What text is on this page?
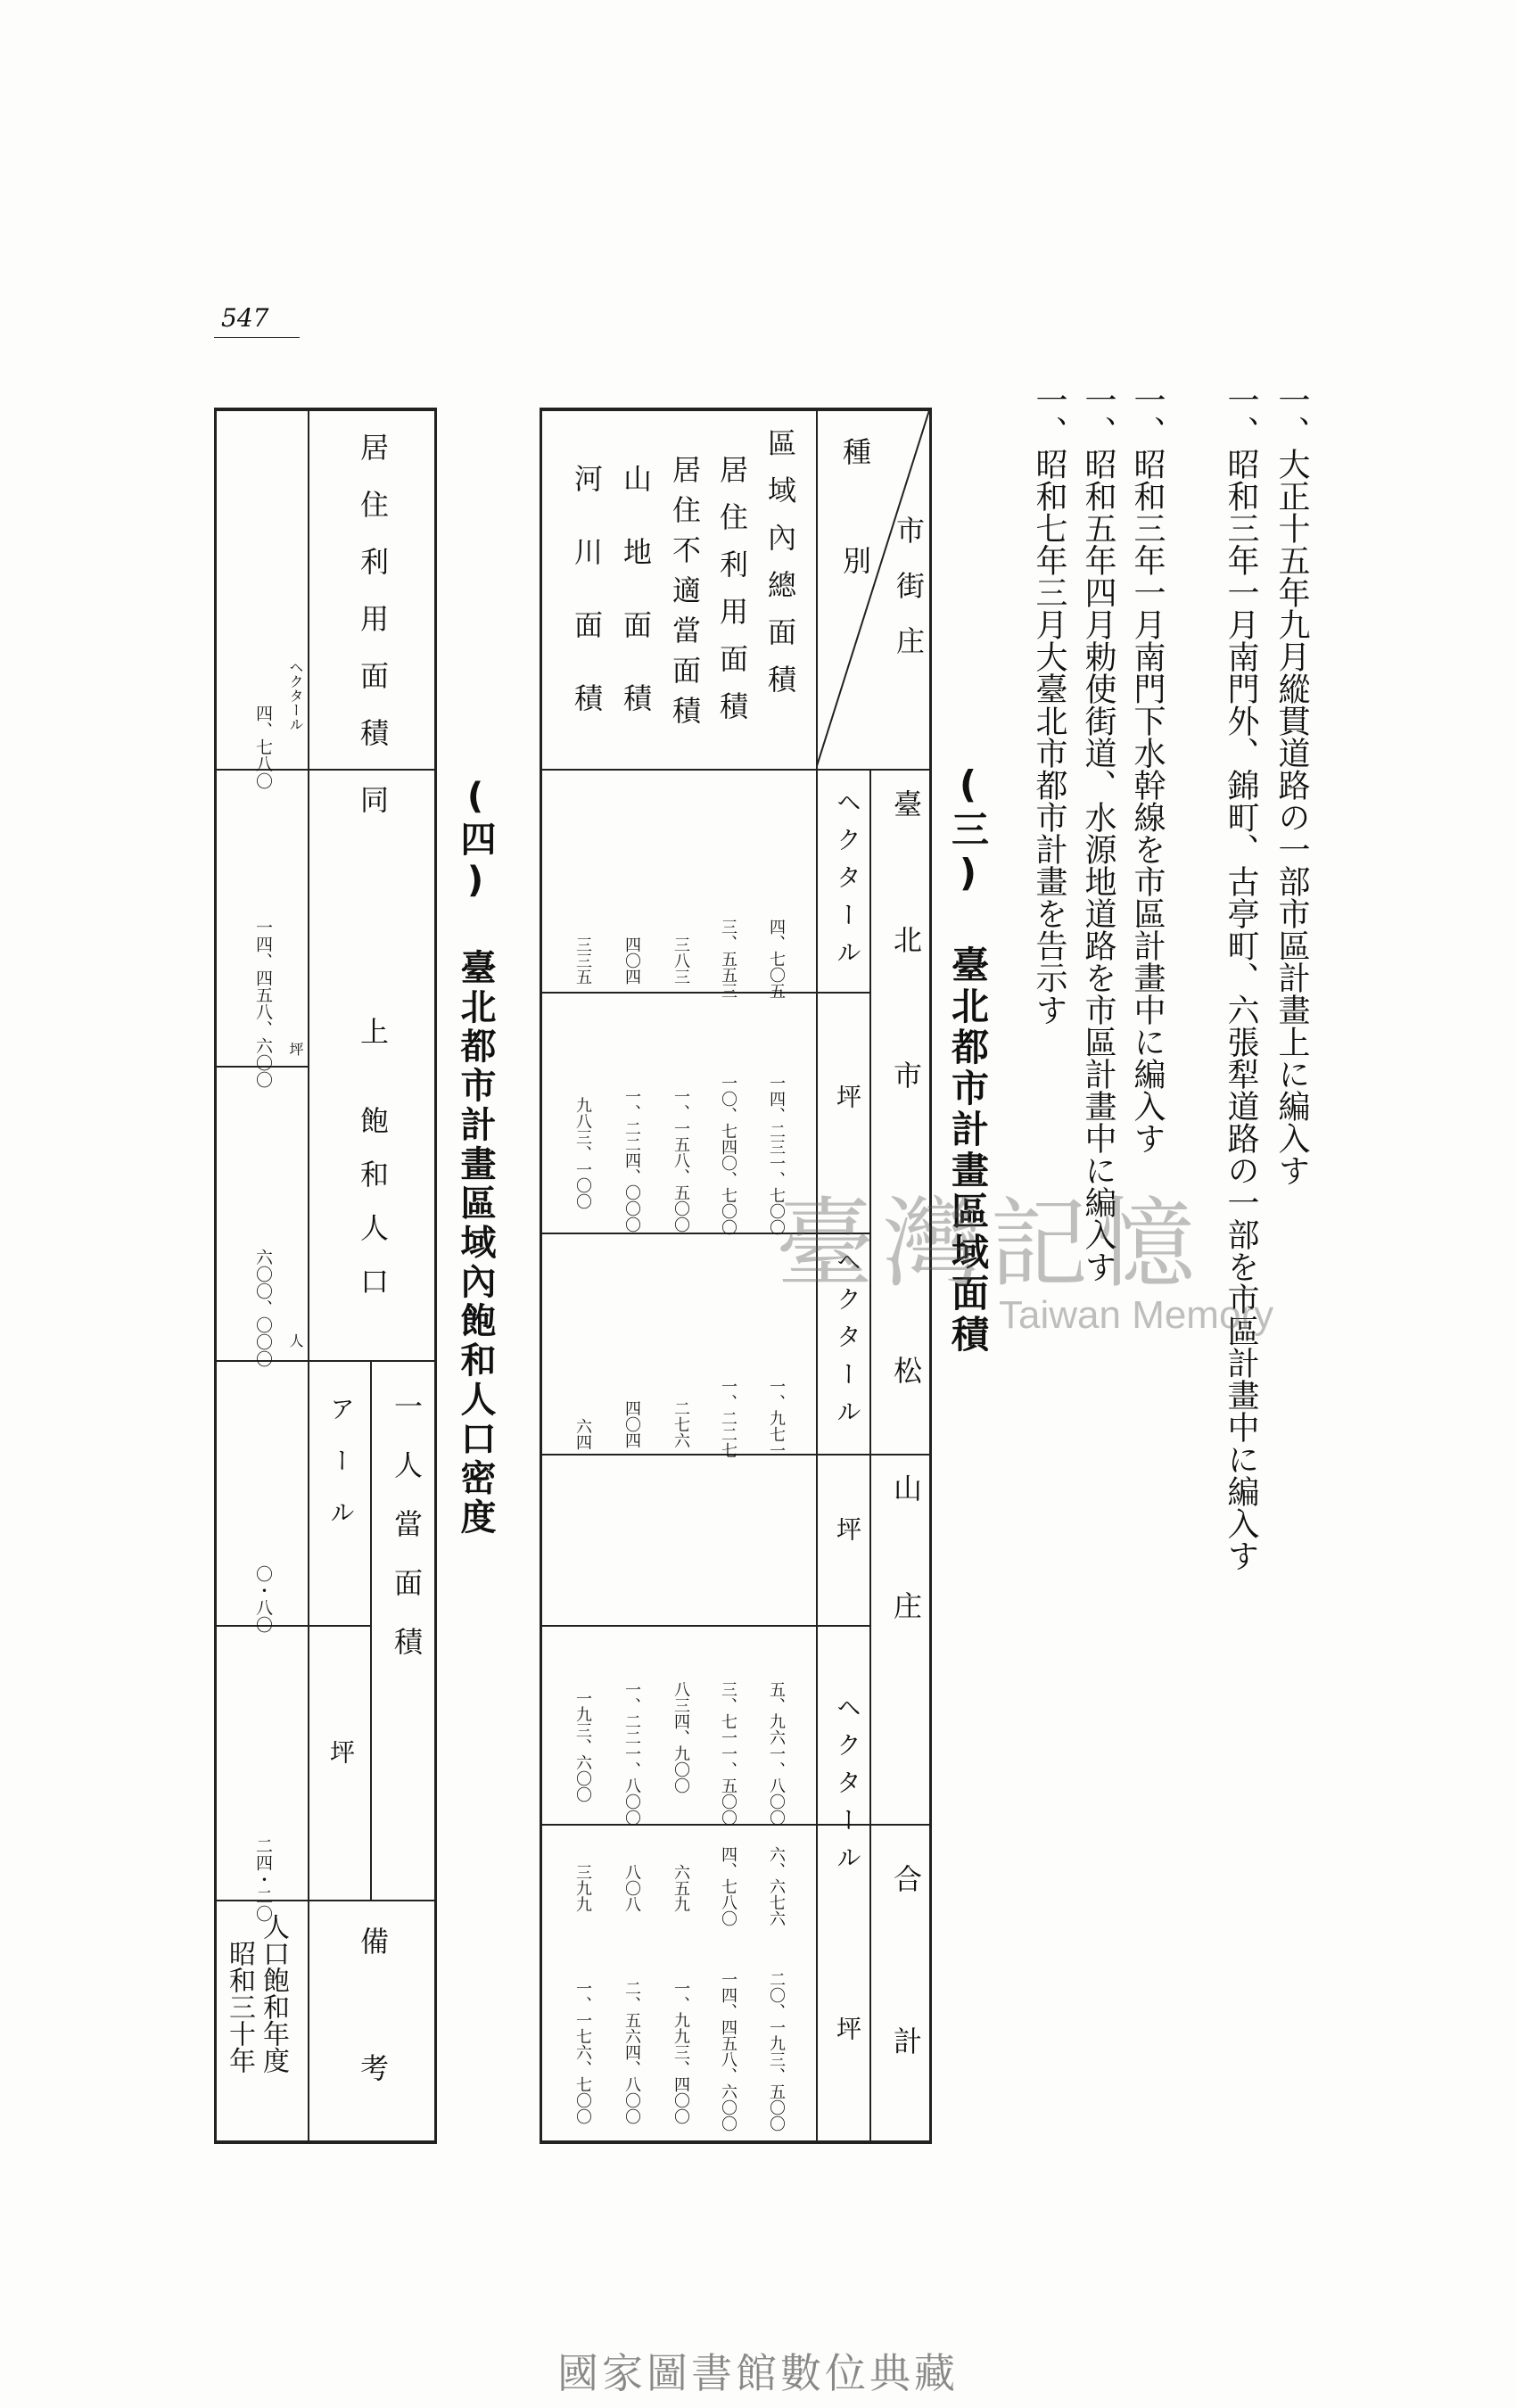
547
一、大正十五年九月縱貫道路の一部市區計畫上に編入す
一、昭和三年一月南門外、錦町、古亭町、六張犁道路の一部を市區計畫中に編入す
一、昭和三年一月南門下水幹線を市區計畫中に編入す
一、昭和五年四月勅使街道、水源地道路を市區計畫中に編入す
一、昭和七年三月大臺北市都市計畫を告示す
(三) 臺北都市計畫區域面積
市街庄
種別
區域內總面積
居住利用面積
居住不適當面積
山地面積
河川面積
臺北市
松山庄
合計
ヘクタール
坪
ヘクタール
坪
ヘクタール
坪
四、七〇五
三、五五三
三八三
四〇四
三三五
一四、二三一、七〇〇
一〇、七四〇、七〇〇
一、一五八、五〇〇
一、二二四、〇〇〇
九八三、一〇〇
一、九七一
一、二二七
二七六
四〇四
六四
五、九六一、八〇〇
三、七一一、五〇〇
八三四、九〇〇
一、二二一、八〇〇
一九三、六〇〇
六、六七六
四、七八〇
六五九
八〇八
三九九
二〇、一九三、五〇〇
一四、四五八、六〇〇
一、九九三、四〇〇
二、五六四、八〇〇
一、一七六、七〇〇
(四) 臺北都市計畫區域內飽和人口密度
居住利用面積
同
上
飽和人口
一人當面積
アール
坪
備考
ヘクタール
坪
人
四、七八〇
一四、四五八、六〇〇
六〇〇、〇〇〇
〇・八〇
二四・二〇
人口飽和年度
昭和三十年
臺灣記憶
Taiwan Memory
國家圖書館數位典藏
